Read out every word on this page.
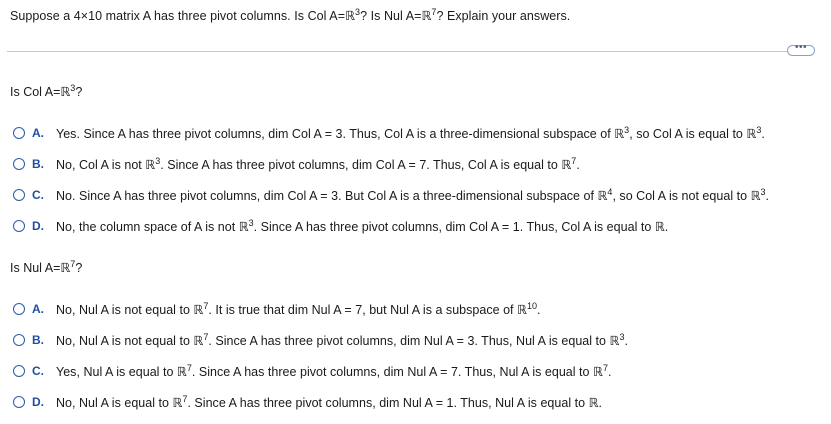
Suppose a 4×10 matrix A has three pivot columns. Is Col A=ℝ$^3$? Is Nul A=ℝ$^7$? Explain your answers.
•••
Is Col A=ℝ$^3$?
A. Yes. Since A has three pivot columns, dim Col A = 3. Thus, Col A is a three-dimensional subspace of ℝ$^3$, so Col A is equal to ℝ$^3$.
B. No, Col A is not ℝ$^3$. Since A has three pivot columns, dim Col A = 7. Thus, Col A is equal to ℝ$^7$.
C. No. Since A has three pivot columns, dim Col A = 3. But Col A is a three-dimensional subspace of ℝ$^4$, so Col A is not equal to ℝ$^3$.
D. No, the column space of A is not ℝ$^3$. Since A has three pivot columns, dim Col A = 1. Thus, Col A is equal to ℝ.
Is Nul A=ℝ$^7$?
A. No, Nul A is not equal to ℝ$^7$. It is true that dim Nul A = 7, but Nul A is a subspace of ℝ$^{10}$.
B. No, Nul A is not equal to ℝ$^7$. Since A has three pivot columns, dim Nul A = 3. Thus, Nul A is equal to ℝ$^3$.
C. Yes, Nul A is equal to ℝ$^7$. Since A has three pivot columns, dim Nul A = 7. Thus, Nul A is equal to ℝ$^7$.
D. No, Nul A is equal to ℝ$^7$. Since A has three pivot columns, dim Nul A = 1. Thus, Nul A is equal to ℝ.
